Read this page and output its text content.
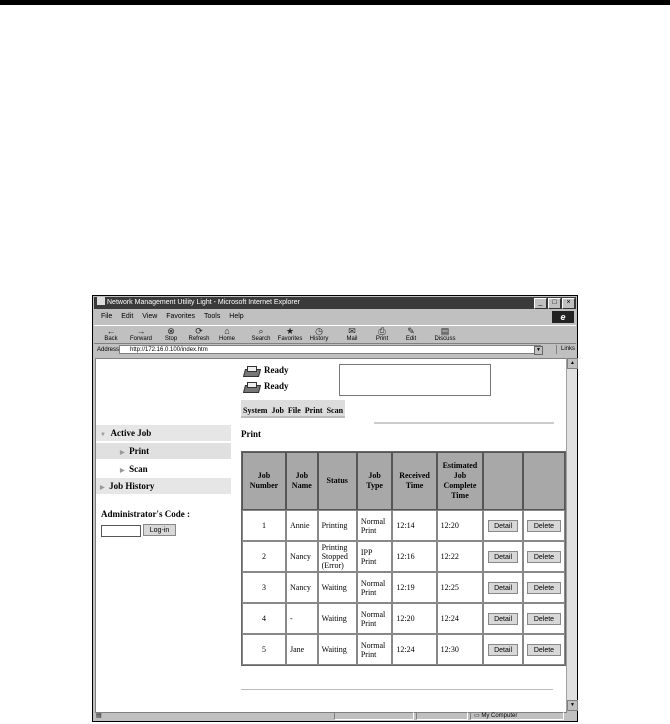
Network Management Utility Light - Microsoft Internet Explorer	_ □ ×
File Edit View Favorites Tools Help	e
←
Back
→
Forward
⊗
Stop
⟳
Refresh
⌂
Home
⌕
Search
★
Favorites
◷
History
✉
Mail
⎙
Print
✎
Edit
▤
Discuss
Address	http://172.16.0.100/index.htm	▼	Links
▼ Active Job
▶ Print
▶ Scan
▶ Job History
Administrator's Code :
Log-in
Ready
Ready
System Job File Print Scan
Print
Job
Number	Job
Name	Status	Job
Type	Received
Time	Estimated
Job
Complete
Time		
1	Annie	Printing	Normal
Print	12:14	12:20	Detail	Delete
2	Nancy	Printing
Stopped
(Error)	IPP
Print	12:16	12:22	Detail	Delete
3	Nancy	Waiting	Normal
Print	12:19	12:25	Detail	Delete
4	-	Waiting	Normal
Print	12:20	12:24	Detail	Delete
5	Jane	Waiting	Normal
Print	12:24	12:30	Detail	Delete
▲
▼
▤	▭ My Computer
